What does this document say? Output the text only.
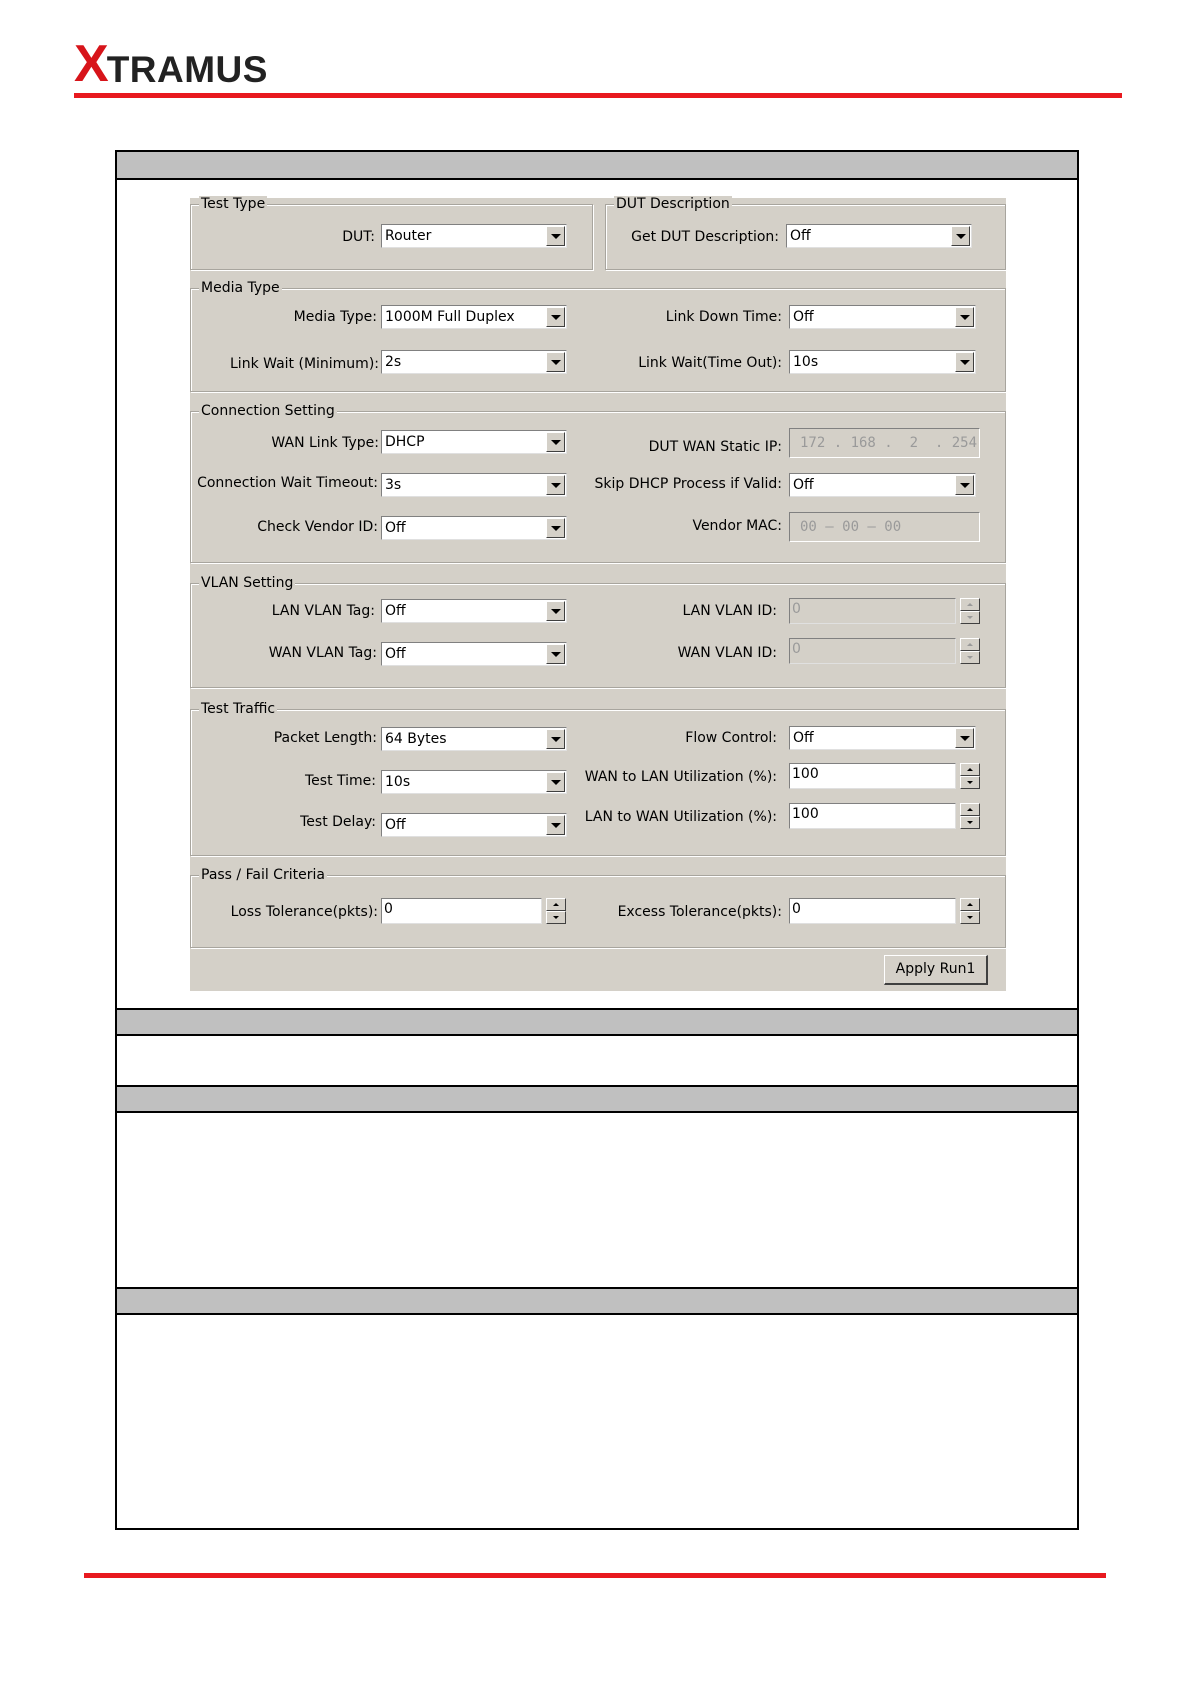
X
TRAMUS
Test Type
DUT: Router
DUT Description
Get DUT Description: Off
Media Type
Media Type: 1000M Full Duplex	Link Down Time: Off
Link Wait (Minimum): 2s	Link Wait(Time Out): 10s
Connection Setting
WAN Link Type: DHCP	DUT WAN Static IP:	172 . 168 .  2  . 254
Connection Wait Timeout: 3s	Skip DHCP Process if Valid: Off
Check Vendor ID: Off	Vendor MAC:	00 – 00 – 00
VLAN Setting
LAN VLAN Tag: Off	LAN VLAN ID: 0
WAN VLAN Tag: Off	WAN VLAN ID: 0
Test Traffic
Packet Length: 64 Bytes	Flow Control: Off
Test Time: 10s	WAN to LAN Utilization (%): 100
Test Delay: Off	LAN to WAN Utilization (%): 100
Pass / Fail Criteria
Loss Tolerance(pkts): 0	Excess Tolerance(pkts): 0
Apply Run1
